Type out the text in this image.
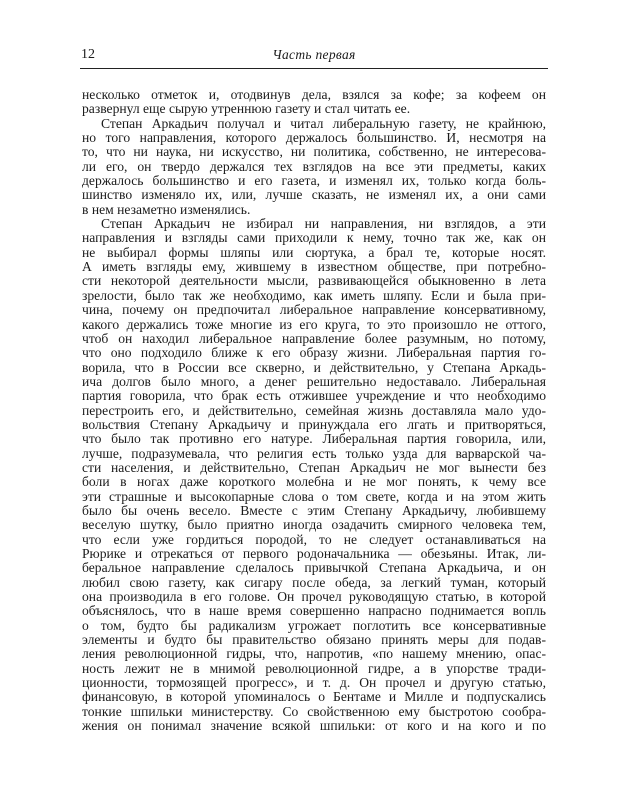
12	Часть первая
несколько отметок и, отодвинув дела, взялся за кофе; за кофеем он
развернул еще сырую утреннюю газету и стал читать ее.
Степан Аркадьич получал и читал либеральную газету, не крайнюю,
но того направления, которого держалось большинство. И, несмотря на
то, что ни наука, ни искусство, ни политика, собственно, не интересова-
ли его, он твердо держался тех взглядов на все эти предметы, каких
держалось большинство и его газета, и изменял их, только когда боль-
шинство изменяло их, или, лучше сказать, не изменял их, а они сами
в нем незаметно изменялись.
Степан Аркадьич не избирал ни направления, ни взглядов, а эти
направления и взгляды сами приходили к нему, точно так же, как он
не выбирал формы шляпы или сюртука, а брал те, которые носят.
А иметь взгляды ему, жившему в известном обществе, при потребно-
сти некоторой деятельности мысли, развивающейся обыкновенно в лета
зрелости, было так же необходимо, как иметь шляпу. Если и была при-
чина, почему он предпочитал либеральное направление консервативному,
какого держались тоже многие из его круга, то это произошло не оттого,
чтоб он находил либеральное направление более разумным, но потому,
что оно подходило ближе к его образу жизни. Либеральная партия го-
ворила, что в России все скверно, и действительно, у Степана Аркадь-
ича долгов было много, а денег решительно недоставало. Либеральная
партия говорила, что брак есть отжившее учреждение и что необходимо
перестроить его, и действительно, семейная жизнь доставляла мало удо-
вольствия Степану Аркадьичу и принуждала его лгать и притворяться,
что было так противно его натуре. Либеральная партия говорила, или,
лучше, подразумевала, что религия есть только узда для варварской ча-
сти населения, и действительно, Степан Аркадьич не мог вынести без
боли в ногах даже короткого молебна и не мог понять, к чему все
эти страшные и высокопарные слова о том свете, когда и на этом жить
было бы очень весело. Вместе с этим Степану Аркадьичу, любившему
веселую шутку, было приятно иногда озадачить смирного человека тем,
что если уже гордиться породой, то не следует останавливаться на
Рюрике и отрекаться от первого родоначальника — обезьяны. Итак, ли-
беральное направление сделалось привычкой Степана Аркадьича, и он
любил свою газету, как сигару после обеда, за легкий туман, который
она производила в его голове. Он прочел руководящую статью, в которой
объяснялось, что в наше время совершенно напрасно поднимается вопль
о том, будто бы радикализм угрожает поглотить все консервативные
элементы и будто бы правительство обязано принять меры для подав-
ления революционной гидры, что, напротив, «по нашему мнению, опас-
ность лежит не в мнимой революционной гидре, а в упорстве тради-
ционности, тормозящей прогресс», и т. д. Он прочел и другую статью,
финансовую, в которой упоминалось о Бентаме и Милле и подпускались
тонкие шпильки министерству. Со свойственною ему быстротою сообра-
жения он понимал значение всякой шпильки: от кого и на кого и по
